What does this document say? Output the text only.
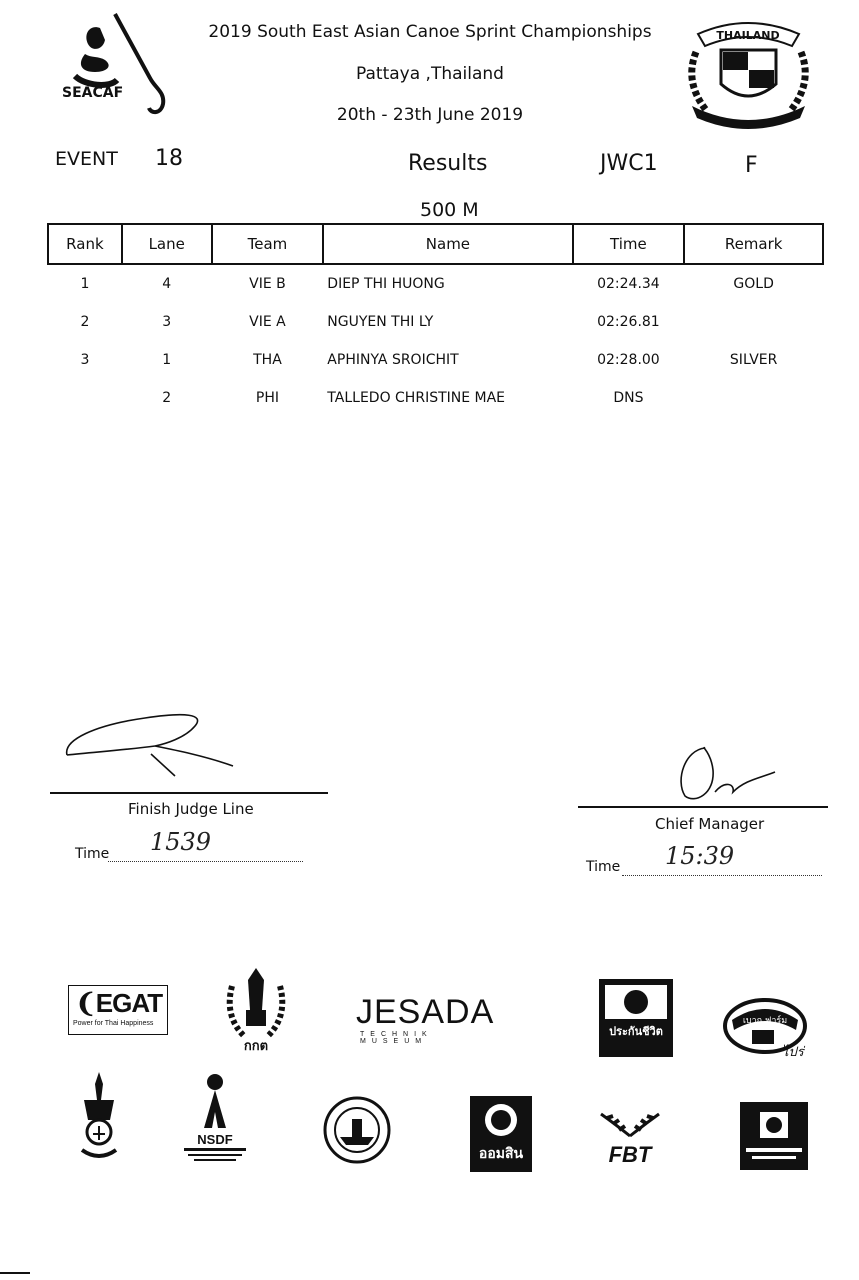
SEACAF
2019 South East Asian Canoe Sprint Championships
Pattaya ,Thailand
20th - 23th June 2019
THAILAND
EVENT 18	Results	JWC1	F
500 M
Rank	Lane	Team	Name	Time	Remark
1	4	VIE B	DIEP THI HUONG	02:24.34	GOLD
2	3	VIE A	NGUYEN THI LY	02:26.81	
3	1	THA	APHINYA SROICHIT	02:28.00	SILVER
	2	PHI	TALLEDO CHRISTINE MAE	DNS	
Finish Judge Line
Time 1539
Chief Manager
Time 15:39
❨EGAT
Power for Thai Happiness
กกต
JESADA
TECHNIK MUSEUM
ประกันชีวิต
เบาก ฟาร์ม
ไปร่
NSDF
ออมสิน	FBT
